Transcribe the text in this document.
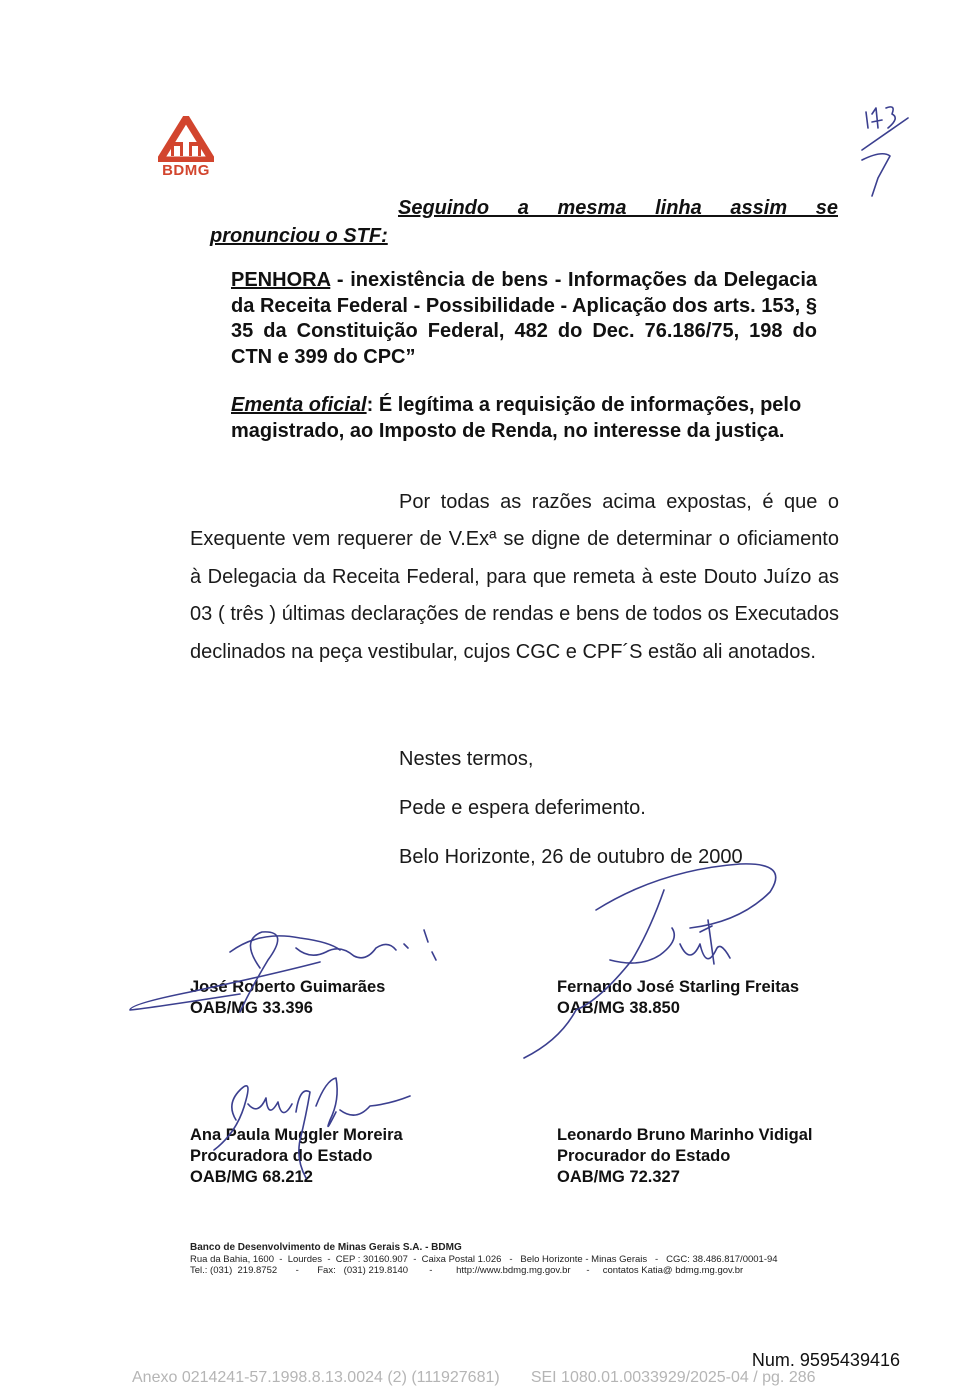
BDMG
Seguindo a mesma linha assim se
pronunciou o STF:
PENHORA - inexistência de bens - Informações da Delegacia da Receita Federal - Possibilidade - Aplicação dos arts. 153, § 35 da Constituição Federal, 482 do Dec. 76.186/75, 198 do CTN e 399 do CPC”
Ementa oficial: É legítima a requisição de informações, pelo magistrado, ao Imposto de Renda, no interesse da justiça.
Por todas as razões acima expostas, é que o Exequente vem requerer de V.Exª se digne de determinar o oficiamento à Delegacia da Receita Federal, para que remeta à este Douto Juízo as 03 ( três ) últimas declarações de rendas e bens de todos os Executados declinados na peça vestibular, cujos CGC e CPF´S estão ali anotados.
Nestes termos,
Pede e espera deferimento.
Belo Horizonte, 26 de outubro de 2000
José Roberto Guimarães
OAB/MG 33.396
Fernando José Starling Freitas
OAB/MG 38.850
Ana Paula Muggler Moreira
Procuradora do Estado
OAB/MG 68.212
Leonardo Bruno Marinho Vidigal
Procurador do Estado
OAB/MG 72.327
Banco de Desenvolvimento de Minas Gerais S.A. - BDMG
Rua da Bahia, 1600  -  Lourdes  -  CEP : 30160.907  -  Caixa Postal 1.026   -   Belo Horizonte - Minas Gerais   -   CGC: 38.486.817/0001-94
Tel.: (031)  219.8752       -       Fax:   (031) 219.8140        -         http://www.bdmg.mg.gov.br      -     contatos Katia@ bdmg.mg.gov.br
Num. 9595439416
Anexo 0214241-57.1998.8.13.0024 (2) (111927681)       SEI 1080.01.0033929/2025-04 / pg. 286
